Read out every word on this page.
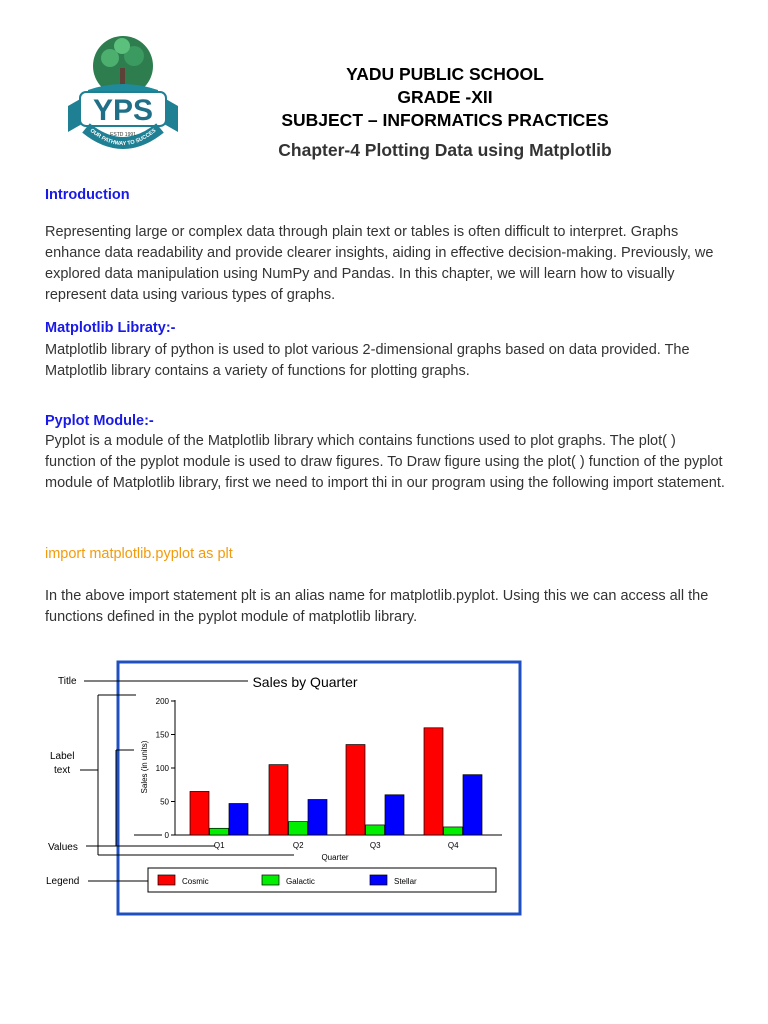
YPS
ESTD 1991
OUR PATHWAY TO SUCCES
YADU PUBLIC SCHOOL
GRADE -XII
SUBJECT – INFORMATICS PRACTICES
Chapter-4 Plotting Data using Matplotlib
Introduction
Representing large or complex data through plain text or tables is often difficult to interpret. Graphs enhance data readability and provide clearer insights, aiding in effective decision-making. Previously, we explored data manipulation using NumPy and Pandas. In this chapter, we will learn how to visually represent data using various types of graphs.
Matplotlib Libraty:-
Matplotlib library of python is used to plot various 2-dimensional graphs based on data provided. The Matplotlib library contains a variety of functions for plotting graphs.
Pyplot Module:-
Pyplot is a module of the Matplotlib library which contains functions used to plot graphs. The plot( ) function of the pyplot module is used to draw figures. To Draw figure using the plot( ) function of the pyplot module of Matplotlib library, first we need to import thi in our program using the following import statement.
import matplotlib.pyplot as plt
In the above import statement plt is an alias name for matplotlib.pyplot. Using this we can access all the functions defined in the pyplot module of matplotlib library.
Sales by Quarter
Sales (in units)
Quarter
0
50
100
150
200
Q1	Q2	Q3	Q4
Cosmic	Galactic	Stellar
Title
Label
text
Values
Legend
